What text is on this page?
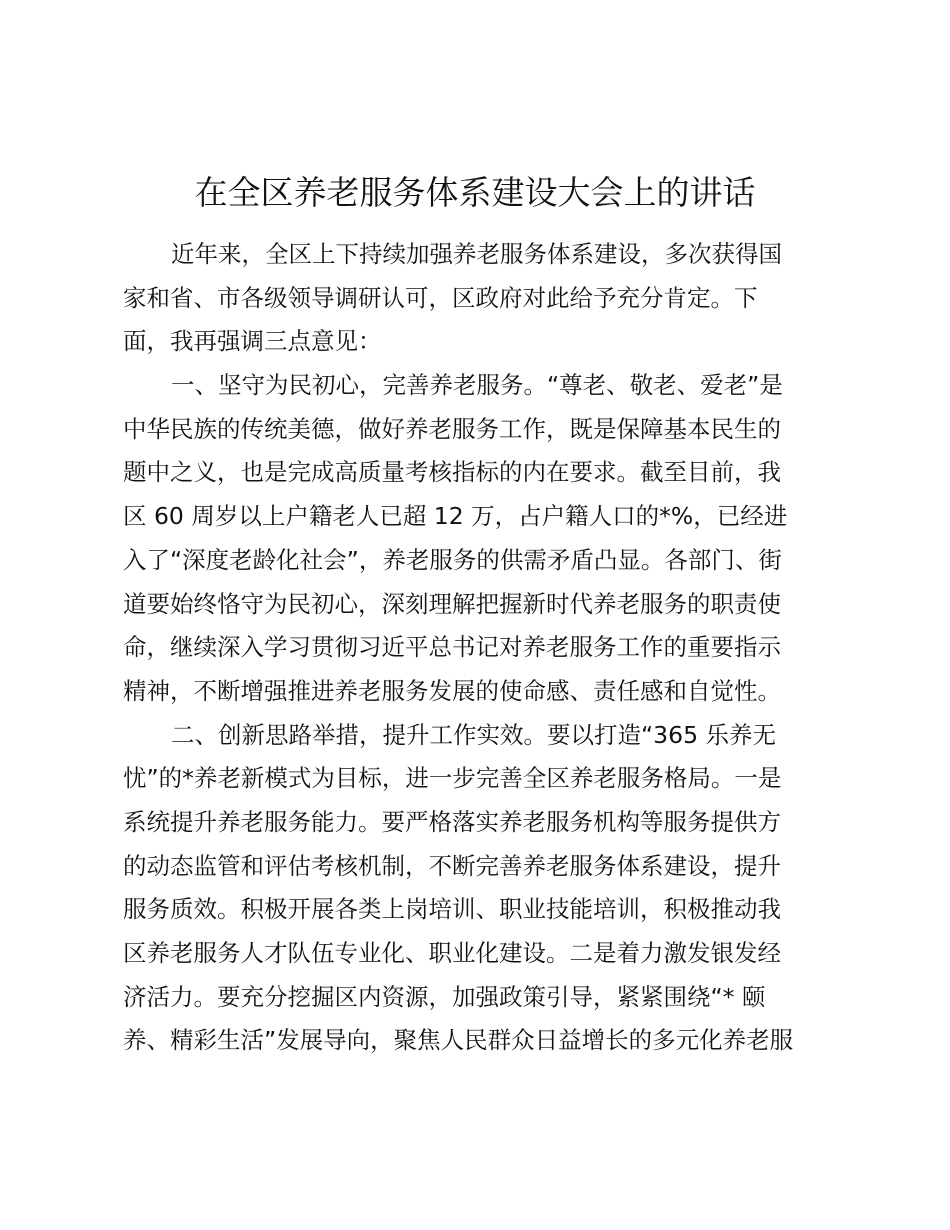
在全区养老服务体系建设大会上的讲话
近年来，全区上下持续加强养老服务体系建设，多次获得国
家和省、市各级领导调研认可，区政府对此给予充分肯定。下
面，我再强调三点意见：
一、坚守为民初心，完善养老服务。“尊老、敬老、爱老”是
中华民族的传统美德，做好养老服务工作，既是保障基本民生的
题中之义，也是完成高质量考核指标的内在要求。截至目前，我
区 60 周岁以上户籍老人已超 12 万，占户籍人口的*%，已经进
入了“深度老龄化社会”，养老服务的供需矛盾凸显。各部门、街
道要始终恪守为民初心，深刻理解把握新时代养老服务的职责使
命，继续深入学习贯彻习近平总书记对养老服务工作的重要指示
精神，不断增强推进养老服务发展的使命感、责任感和自觉性。
二、创新思路举措，提升工作实效。要以打造“365 乐养无
忧”的*养老新模式为目标，进一步完善全区养老服务格局。一是
系统提升养老服务能力。要严格落实养老服务机构等服务提供方
的动态监管和评估考核机制，不断完善养老服务体系建设，提升
服务质效。积极开展各类上岗培训、职业技能培训，积极推动我
区养老服务人才队伍专业化、职业化建设。二是着力激发银发经
济活力。要充分挖掘区内资源，加强政策引导，紧紧围绕“* 颐
养、精彩生活”发展导向，聚焦人民群众日益增长的多元化养老服
